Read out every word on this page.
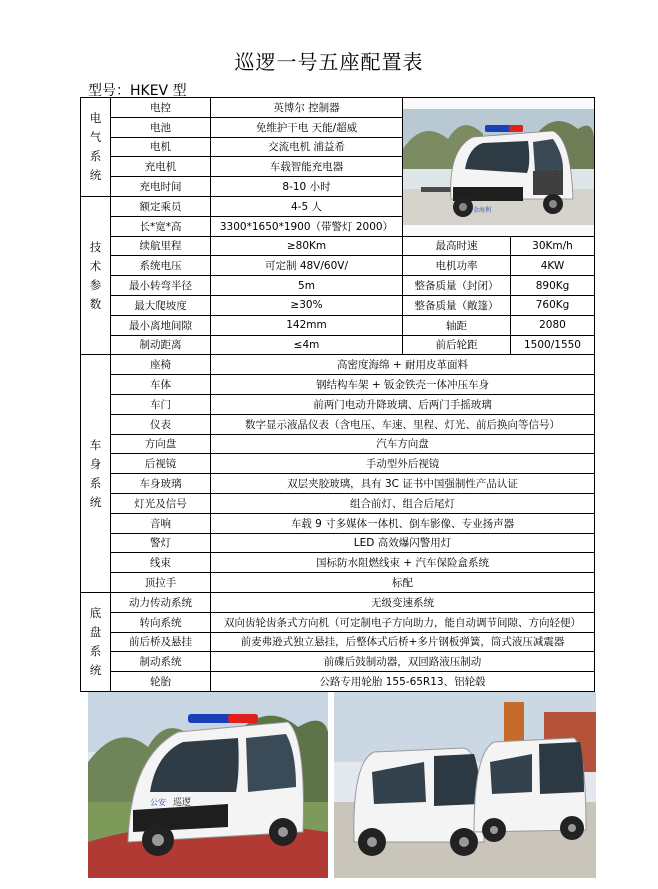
巡逻一号五座配置表
型号：HKEV 型
电
气
系
统	电控	英博尔 控制器	金海利	

	电池	免维护干电 天能/超威		
	电机	交流电机 浦益希		
	充电机	车载智能充电器		
	充电时间	8-10 小时		

技
术
参
数	额定乘员	4-5 人		
	长*宽*高	3300*1650*1900（带警灯 2000）		
	续航里程	≥80Km	最高时速	30Km/h
	系统电压	可定制 48V/60V/	电机功率	4KW
	最小转弯半径	5m	整备质量（封闭）	890Kg
	最大爬坡度	≥30%	整备质量（敞篷）	760Kg
	最小离地间隙	142mm	轴距	2080
	制动距离	≤4m	前后轮距	1500/1550

车
身
系
统	座椅	高密度海绵 + 耐用皮革面料		
	车体	钢结构车架 + 钣金铁壳一体冲压车身		
	车门	前两门电动升降玻璃、后两门手摇玻璃		
	仪表	数字显示液晶仪表（含电压、车速、里程、灯光、前后换向等信号）		
	方向盘	汽车方向盘		
	后视镜	手动型外后视镜		
	车身玻璃	双层夹胶玻璃，具有 3C 证书中国强制性产品认证		
	灯光及信号	组合前灯、组合后尾灯		
	音响	车载 9 寸多媒体一体机、倒车影像、专业扬声器		
	警灯	LED 高效爆闪警用灯		
	线束	国标防水阻燃线束 + 汽车保险盒系统		
	顶拉手	标配		

底
盘
系
统	动力传动系统	无级变速系统		
	转向系统	双向齿轮齿条式方向机（可定制电子方向助力，能自动调节间隙、方向轻便）		
	前后桥及悬挂	前麦弗逊式独立悬挂，后整体式后桥+多片钢板弹簧，筒式液压减震器		
	制动系统	前碟后鼓制动器，双回路液压制动		
	轮胎	公路专用轮胎 155-65R13、铝轮毂		
公安 巡逻
